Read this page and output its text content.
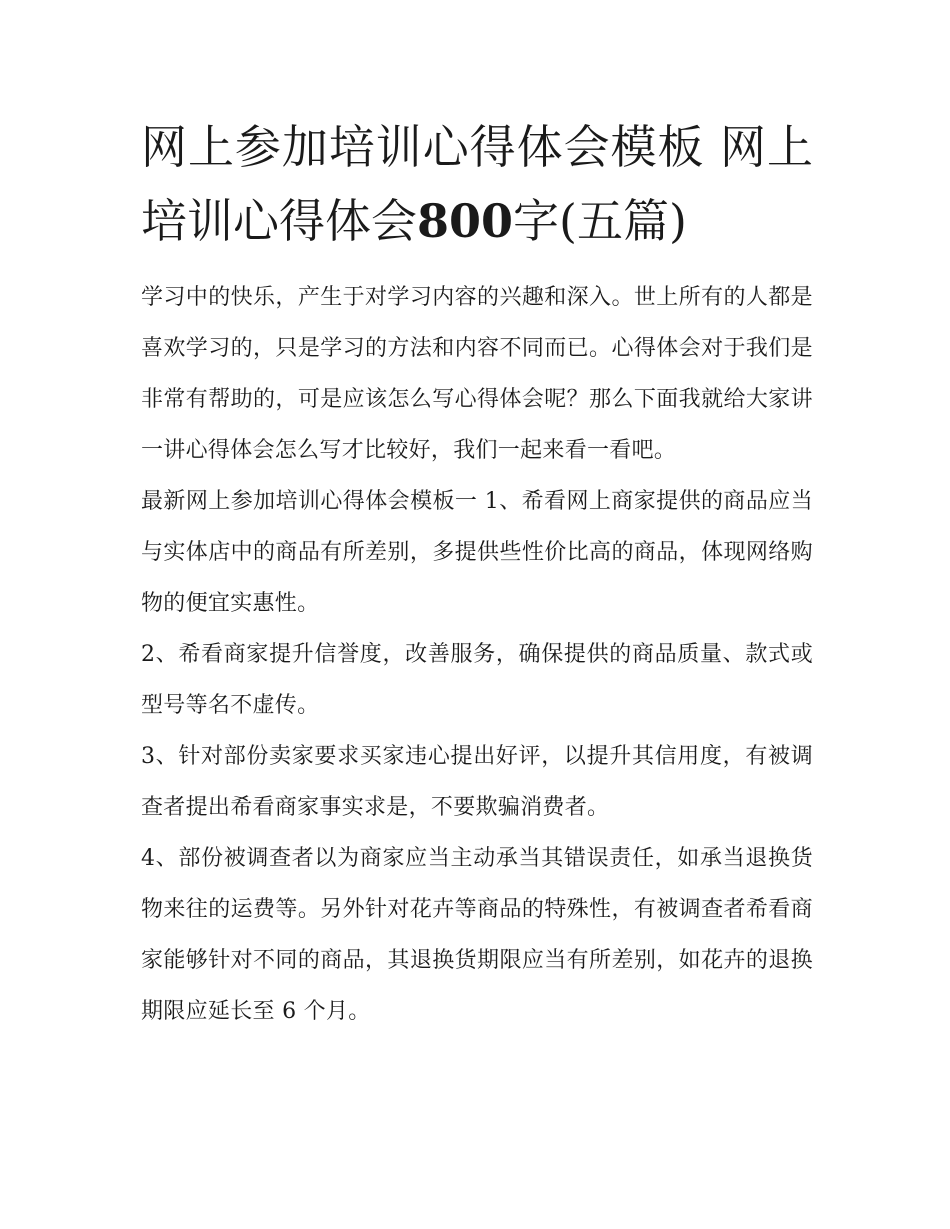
网上参加培训心得体会模板 网上培训心得体会800字(五篇)

学习中的快乐，产生于对学习内容的兴趣和深入。世上所有的人都是喜欢学习的，只是学习的方法和内容不同而已。心得体会对于我们是非常有帮助的，可是应该怎么写心得体会呢？那么下面我就给大家讲一讲心得体会怎么写才比较好，我们一起来看一看吧。

最新网上参加培训心得体会模板一 1、希看网上商家提供的商品应当与实体店中的商品有所差别，多提供些性价比高的商品，体现网络购物的便宜实惠性。

2、希看商家提升信誉度，改善服务，确保提供的商品质量、款式或型号等名不虚传。

3、针对部份卖家要求买家违心提出好评，以提升其信用度，有被调查者提出希看商家事实求是，不要欺骗消费者。

4、部份被调查者以为商家应当主动承当其错误责任，如承当退换货物来往的运费等。另外针对花卉等商品的特殊性，有被调查者希看商家能够针对不同的商品，其退换货期限应当有所差别，如花卉的退换期限应延长至 6 个月。
